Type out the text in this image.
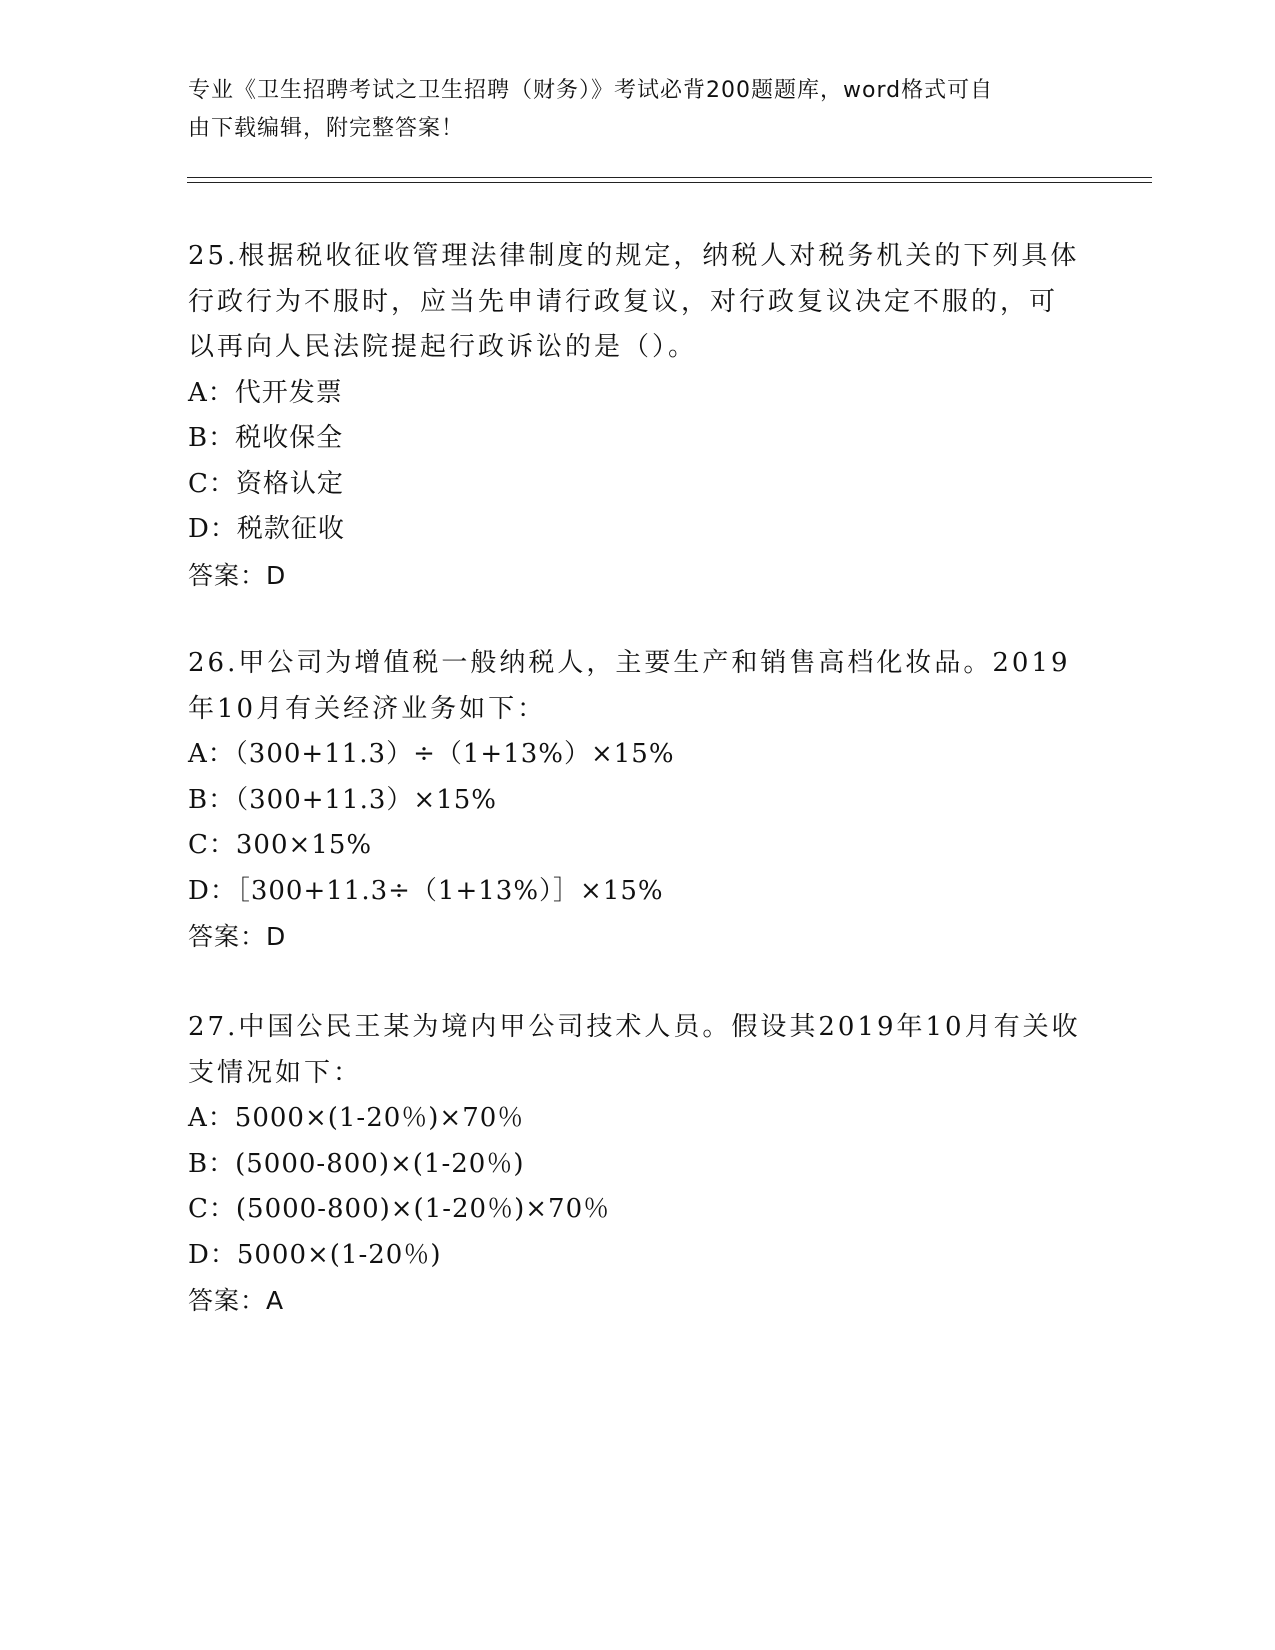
专业《卫生招聘考试之卫生招聘（财务）》考试必背200题题库，word格式可自
由下载编辑，附完整答案！

25.根据税收征收管理法律制度的规定，纳税人对税务机关的下列具体

行政行为不服时，应当先申请行政复议，对行政复议决定不服的，可

以再向人民法院提起行政诉讼的是（）。

A：代开发票

B：税收保全

C：资格认定

D：税款征收

答案：D

26.甲公司为增值税一般纳税人，主要生产和销售高档化妆品。2019

年10月有关经济业务如下：

A：（300+11.3）÷（1+13%）×15%

B：（300+11.3）×15%

C：300×15%

D：［300+11.3÷（1+13%）］×15%

答案：D

27.中国公民王某为境内甲公司技术人员。假设其2019年10月有关收

支情况如下：

A：5000×(1-20％)×70％

B：(5000-800)×(1-20％)

C：(5000-800)×(1-20％)×70％

D：5000×(1-20％)

答案：A
